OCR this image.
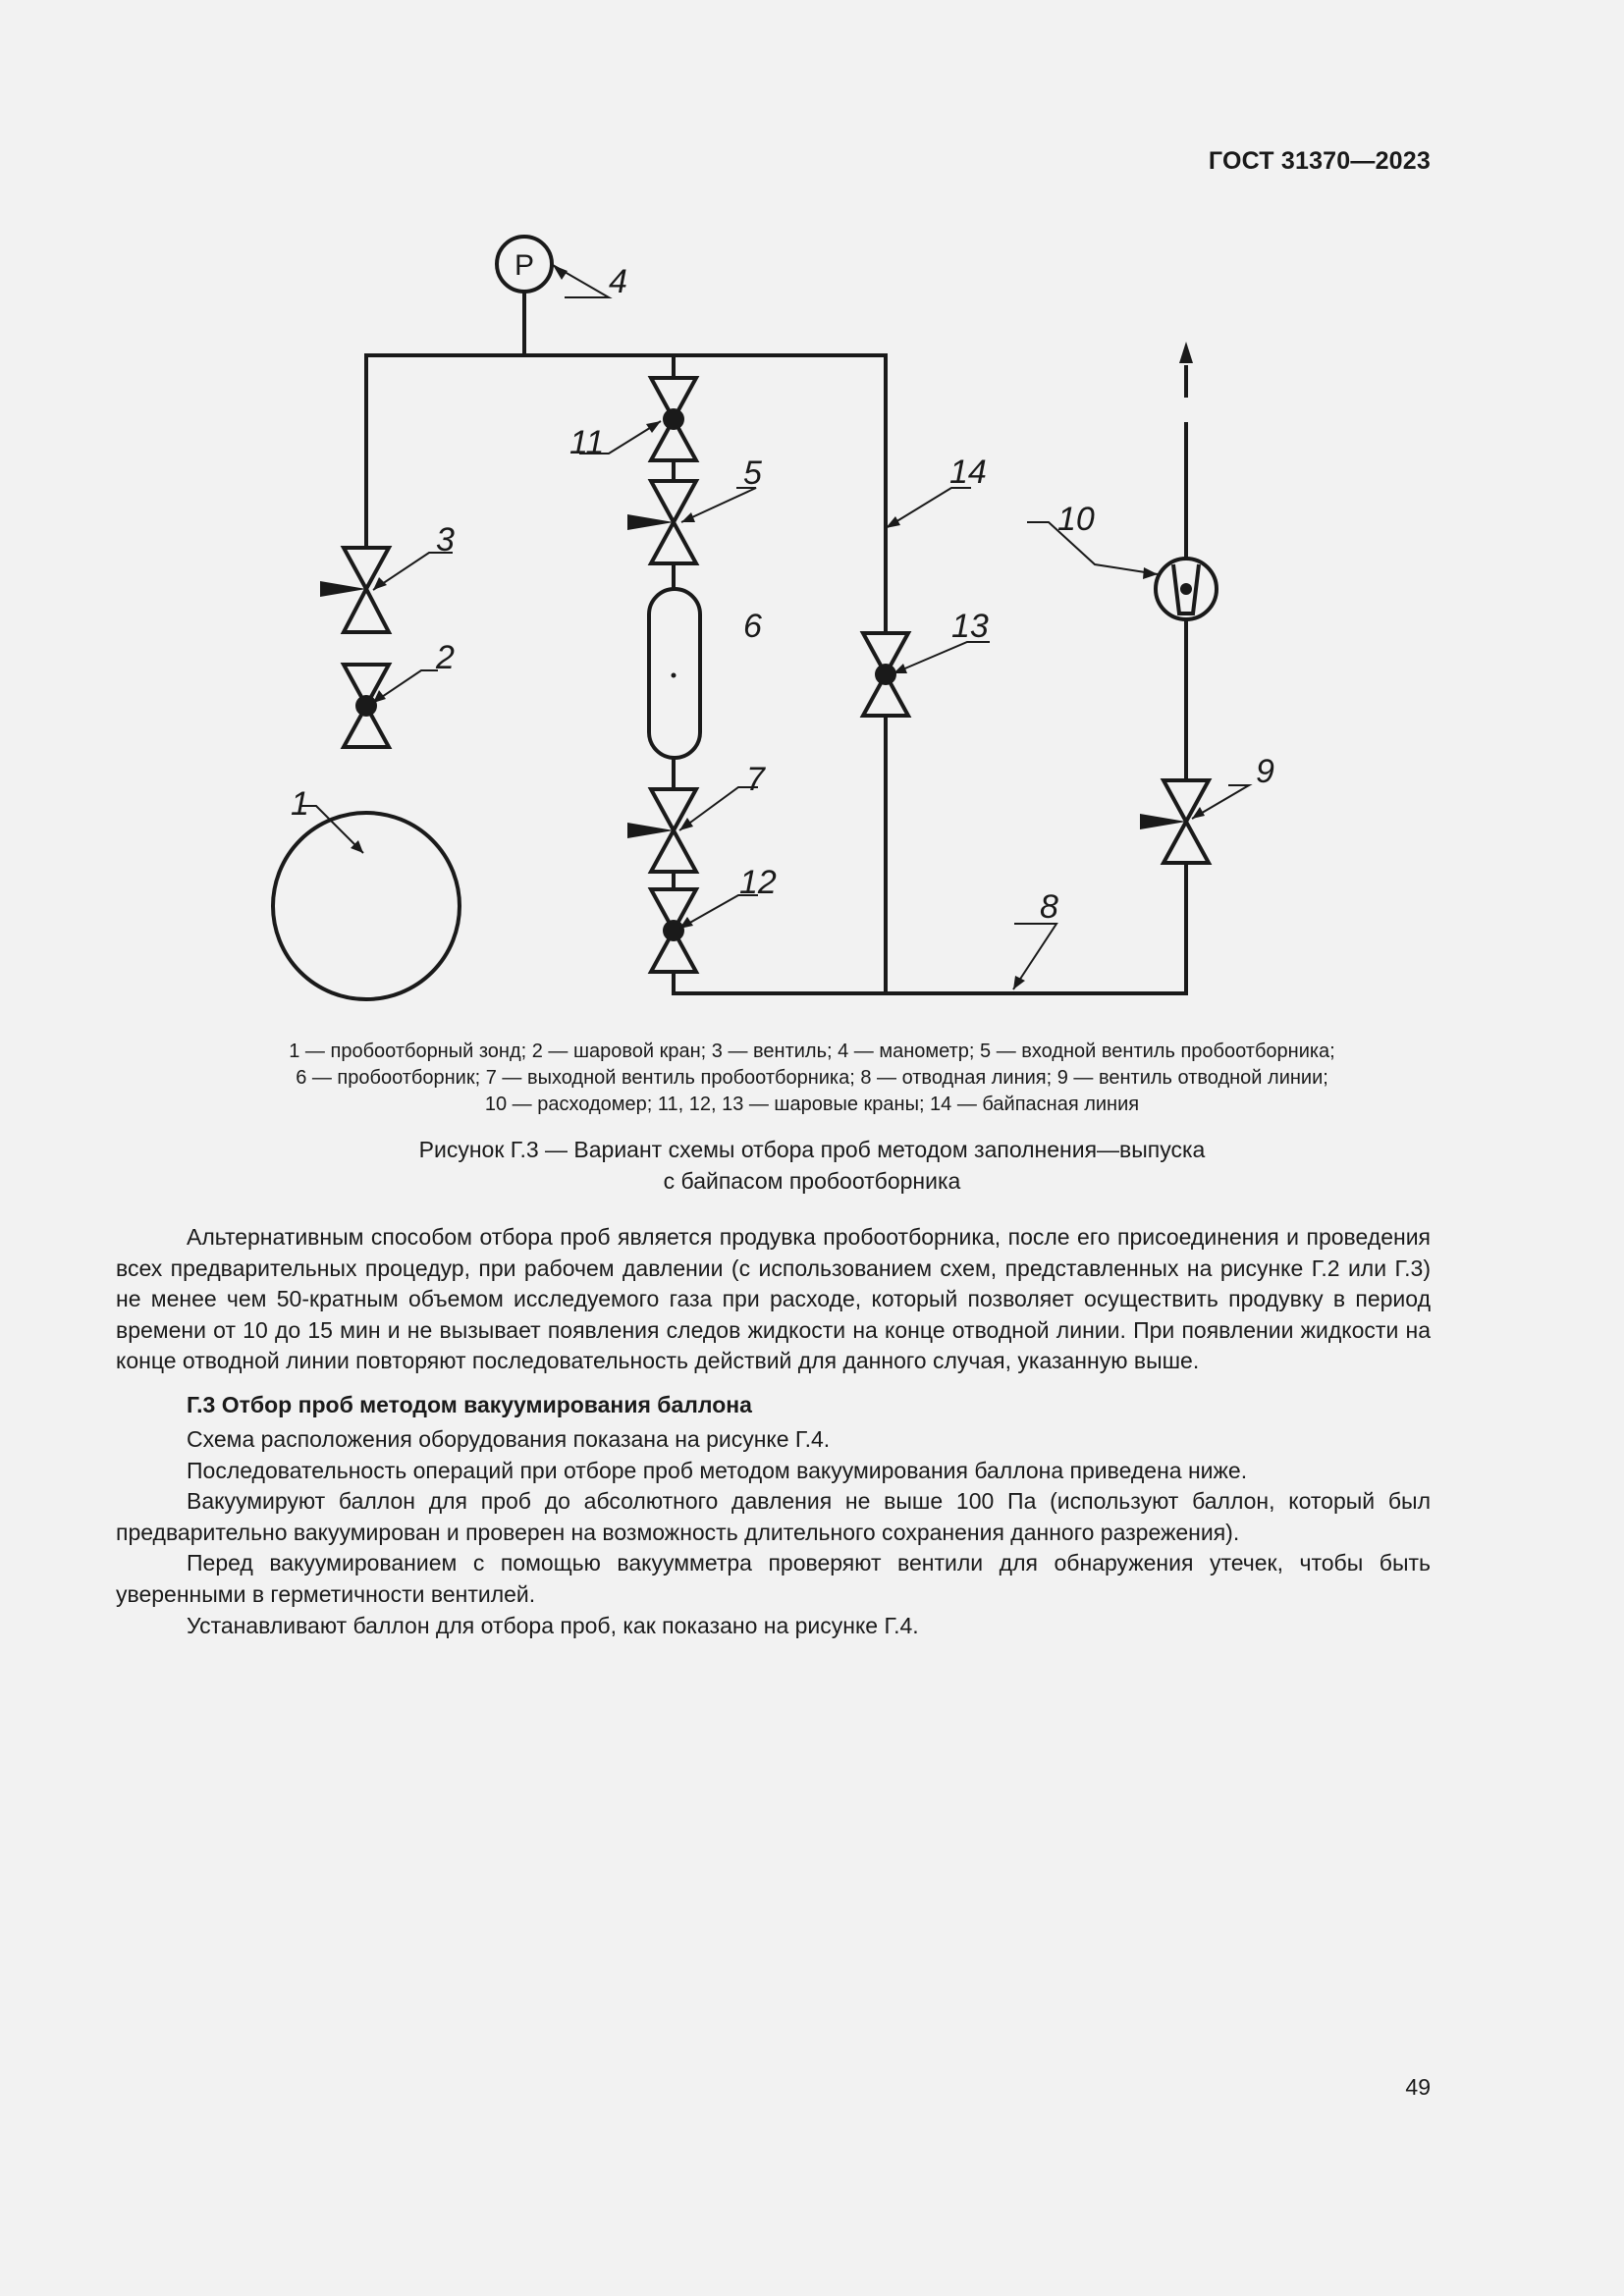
ГОСТ 31370—2023
P
1
2
3
4
5
6
7
8
9
10
11
12
13
14
1 — пробоотборный зонд; 2 — шаровой кран; 3 — вентиль; 4 — манометр; 5 — входной вентиль пробоотборника;
6 — пробоотборник; 7 — выходной вентиль пробоотборника; 8 — отводная линия; 9 — вентиль отводной линии;
10 — расходомер; 11, 12, 13 — шаровые краны; 14 — байпасная линия
Рисунок Г.3 — Вариант схемы отбора проб методом заполнения—выпуска
с байпасом пробоотборника

Альтернативным способом отбора проб является продувка пробоотборника, после его присоединения и проведения всех предварительных процедур, при рабочем давлении (с использованием схем, представленных на рисунке Г.2 или Г.3) не менее чем 50-кратным объемом исследуемого газа при расходе, который позволяет осуществить продувку в период времени от 10 до 15 мин и не вызывает появления следов жидкости на конце отводной линии. При появлении жидкости на конце отводной линии повторяют последовательность действий для данного случая, указанную выше.

Г.3 Отбор проб методом вакуумирования баллона

Схема расположения оборудования показана на рисунке Г.4.

Последовательность операций при отборе проб методом вакуумирования баллона приведена ниже.

Вакуумируют баллон для проб до абсолютного давления не выше 100 Па (используют баллон, который был предварительно вакуумирован и проверен на возможность длительного сохранения данного разрежения).

Перед вакуумированием с помощью вакуумметра проверяют вентили для обнаружения утечек, чтобы быть уверенными в герметичности вентилей.

Устанавливают баллон для отбора проб, как показано на рисунке Г.4.

49
